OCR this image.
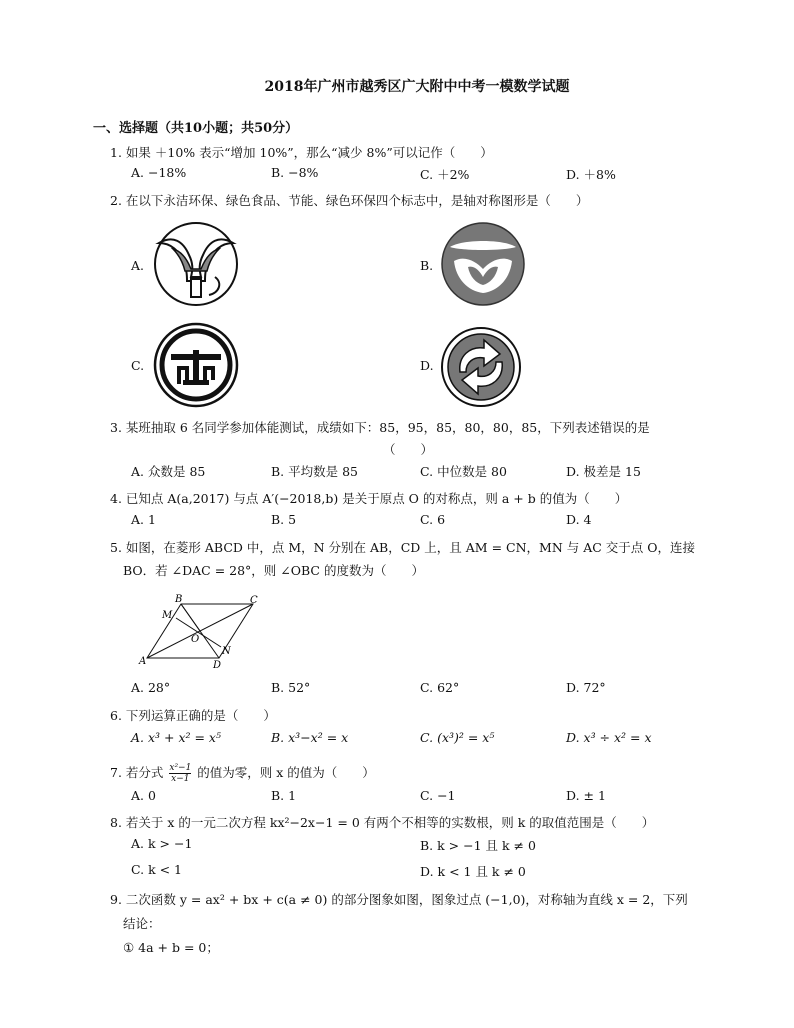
2018年广州市越秀区广大附中中考一模数学试题
一、选择题（共10小题；共50分）
1. 如果 ＋10% 表示“增加 10%”，那么“减少 8%”可以记作（　　）
A. −18%	B. −8%	C. ＋2%	D. ＋8%
2. 在以下永洁环保、绿色食品、节能、绿色环保四个标志中，是轴对称图形是（　　）
A.	B.
C.	D.
3. 某班抽取 6 名同学参加体能测试，成绩如下：85，95，85，80，80，85，下列表述错误的是
（　　）
A. 众数是 85	B. 平均数是 85	C. 中位数是 80	D. 极差是 15
4. 已知点 A(a,2017) 与点 A′(−2018,b) 是关于原点 O 的对称点，则 a + b 的值为（　　）
A. 1	B. 5	C. 6	D. 4
5. 如图，在菱形 ABCD 中，点 M，N 分别在 AB，CD 上，且 AM = CN，MN 与 AC 交于点 O，连接
BO．若 ∠DAC = 28°，则 ∠OBC 的度数为（　　）
B	C
M
O
A
N
D
A. 28°	B. 52°	C. 62°	D. 72°
6. 下列运算正确的是（　　）
A. x³ + x² = x⁵	B. x³−x² = x	C. (x³)² = x⁵	D. x³ ÷ x² = x
7. 若分式 $\frac{\text{x²−1}}{x-1}$ 的值为零，则 x 的值为（　　）
A. 0	B. 1	C. −1	D. ± 1
8. 若关于 x 的一元二次方程 kx²−2x−1 = 0 有两个不相等的实数根，则 k 的取值范围是（　　）
A. k > −1	B. k > −1 且 k ≠ 0
C. k < 1	D. k < 1 且 k ≠ 0
9. 二次函数 y = ax² + bx + c(a ≠ 0) 的部分图象如图，图象过点 (−1,0)，对称轴为直线 x = 2，下列
结论：
① 4a + b = 0；
